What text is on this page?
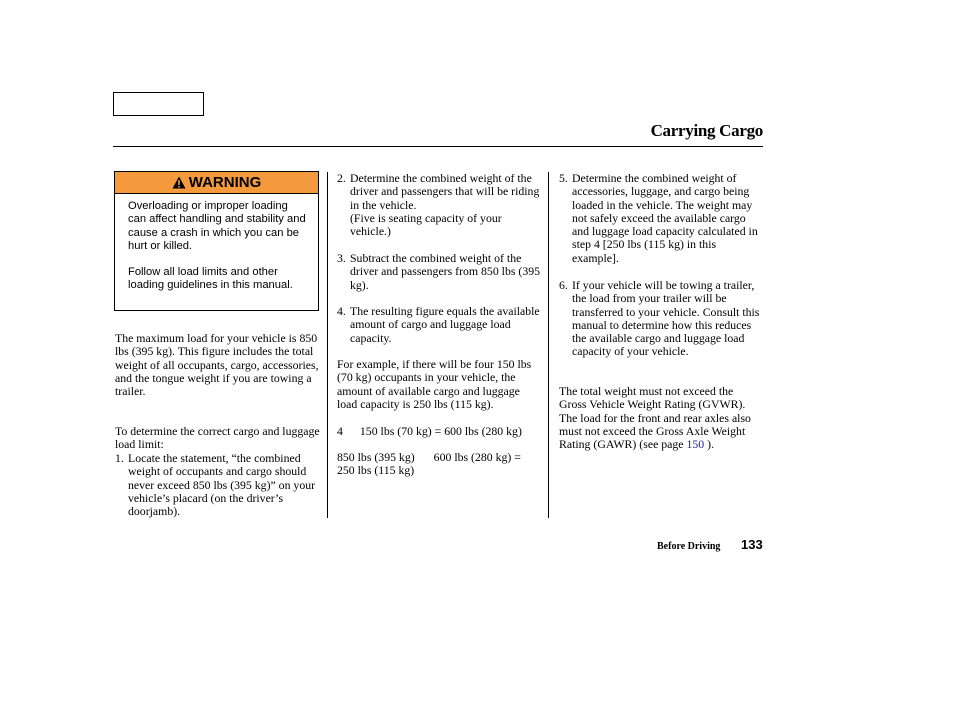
Carrying Cargo
WARNING

Overloading or improper loading can affect handling and stability and cause a crash in which you can be hurt or killed.

Follow all load limits and other loading guidelines in this manual.

The maximum load for your vehicle is 850 lbs (395 kg). This figure includes the total weight of all occupants, cargo, accessories, and the tongue weight if you are towing a trailer.
To determine the correct cargo and luggage load limit:
1. Locate the statement, “the combined weight of occupants and cargo should never exceed 850 lbs (395 kg)” on your vehicle’s placard (on the driver’s doorjamb).
2. Determine the combined weight of the driver and passengers that will be riding in the vehicle.
(Five is seating capacity of your vehicle.)
3. Subtract the combined weight of the driver and passengers from 850 lbs (395 kg).
4. The resulting figure equals the available amount of cargo and luggage load capacity.
For example, if there will be four 150 lbs (70 kg) occupants in your vehicle, the amount of available cargo and luggage load capacity is 250 lbs (115 kg).
4 150 lbs (70 kg) = 600 lbs (280 kg)
850 lbs (395 kg) 600 lbs (280 kg) =
250 lbs (115 kg)
5. Determine the combined weight of accessories, luggage, and cargo being loaded in the vehicle. The weight may not safely exceed the available cargo and luggage load capacity calculated in step 4 [250 lbs (115 kg) in this example].
6. If your vehicle will be towing a trailer, the load from your trailer will be transferred to your vehicle. Consult this manual to determine how this reduces the available cargo and luggage load capacity of your vehicle.
The total weight must not exceed the Gross Vehicle Weight Rating (GVWR). The load for the front and rear axles also must not exceed the Gross Axle Weight Rating (GAWR) (see page 150 ).
Before Driving 133
